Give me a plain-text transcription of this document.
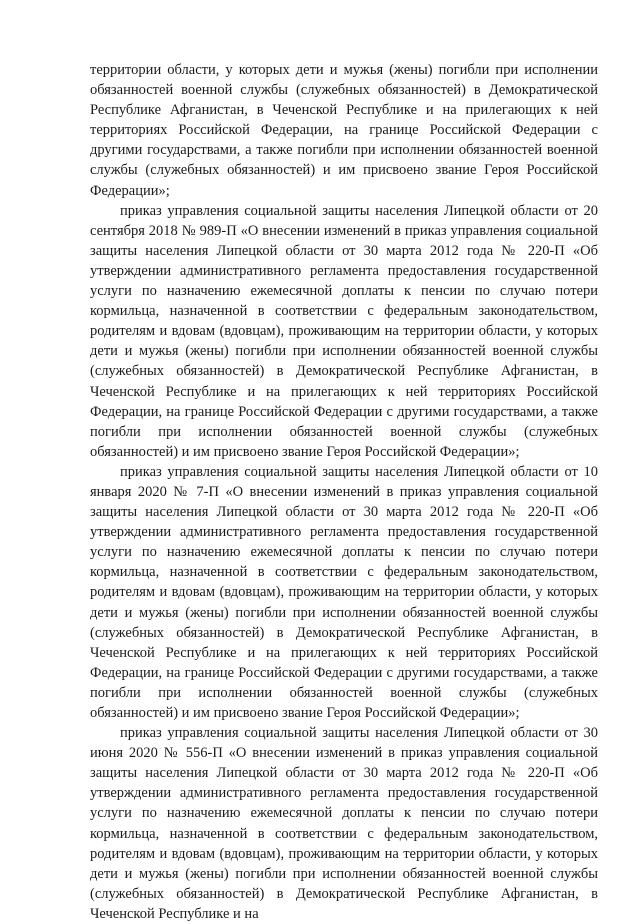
территории области, у которых дети и мужья (жены) погибли при исполнении обязанностей военной службы (служебных обязанностей) в Демократической Республике Афганистан, в Чеченской Республике и на прилегающих к ней территориях Российской Федерации, на границе Российской Федерации с другими государствами, а также погибли при исполнении обязанностей военной службы (служебных обязанностей) и им присвоено звание Героя Российской Федерации»;

приказ управления социальной защиты населения Липецкой области от 20 сентября 2018 № 989-П «О внесении изменений в приказ управления социальной защиты населения Липецкой области от 30 марта 2012 года № 220-П «Об утверждении административного регламента предоставления государственной услуги по назначению ежемесячной доплаты к пенсии по случаю потери кормильца, назначенной в соответствии с федеральным законодательством, родителям и вдовам (вдовцам), проживающим на территории области, у которых дети и мужья (жены) погибли при исполнении обязанностей военной службы (служебных обязанностей) в Демократической Республике Афганистан, в Чеченской Республике и на прилегающих к ней территориях Российской Федерации, на границе Российской Федерации с другими государствами, а также погибли при исполнении обязанностей военной службы (служебных обязанностей) и им присвоено звание Героя Российской Федерации»;

приказ управления социальной защиты населения Липецкой области от 10 января 2020 № 7-П «О внесении изменений в приказ управления социальной защиты населения Липецкой области от 30 марта 2012 года № 220-П «Об утверждении административного регламента предоставления государственной услуги по назначению ежемесячной доплаты к пенсии по случаю потери кормильца, назначенной в соответствии с федеральным законодательством, родителям и вдовам (вдовцам), проживающим на территории области, у которых дети и мужья (жены) погибли при исполнении обязанностей военной службы (служебных обязанностей) в Демократической Республике Афганистан, в Чеченской Республике и на прилегающих к ней территориях Российской Федерации, на границе Российской Федерации с другими государствами, а также погибли при исполнении обязанностей военной службы (служебных обязанностей) и им присвоено звание Героя Российской Федерации»;

приказ управления социальной защиты населения Липецкой области от 30 июня 2020 № 556-П «О внесении изменений в приказ управления социальной защиты населения Липецкой области от 30 марта 2012 года № 220-П «Об утверждении административного регламента предоставления государственной услуги по назначению ежемесячной доплаты к пенсии по случаю потери кормильца, назначенной в соответствии с федеральным законодательством, родителям и вдовам (вдовцам), проживающим на территории области, у которых дети и мужья (жены) погибли при исполнении обязанностей военной службы (служебных обязанностей) в Демократической Республике Афганистан, в Чеченской Республике и на
